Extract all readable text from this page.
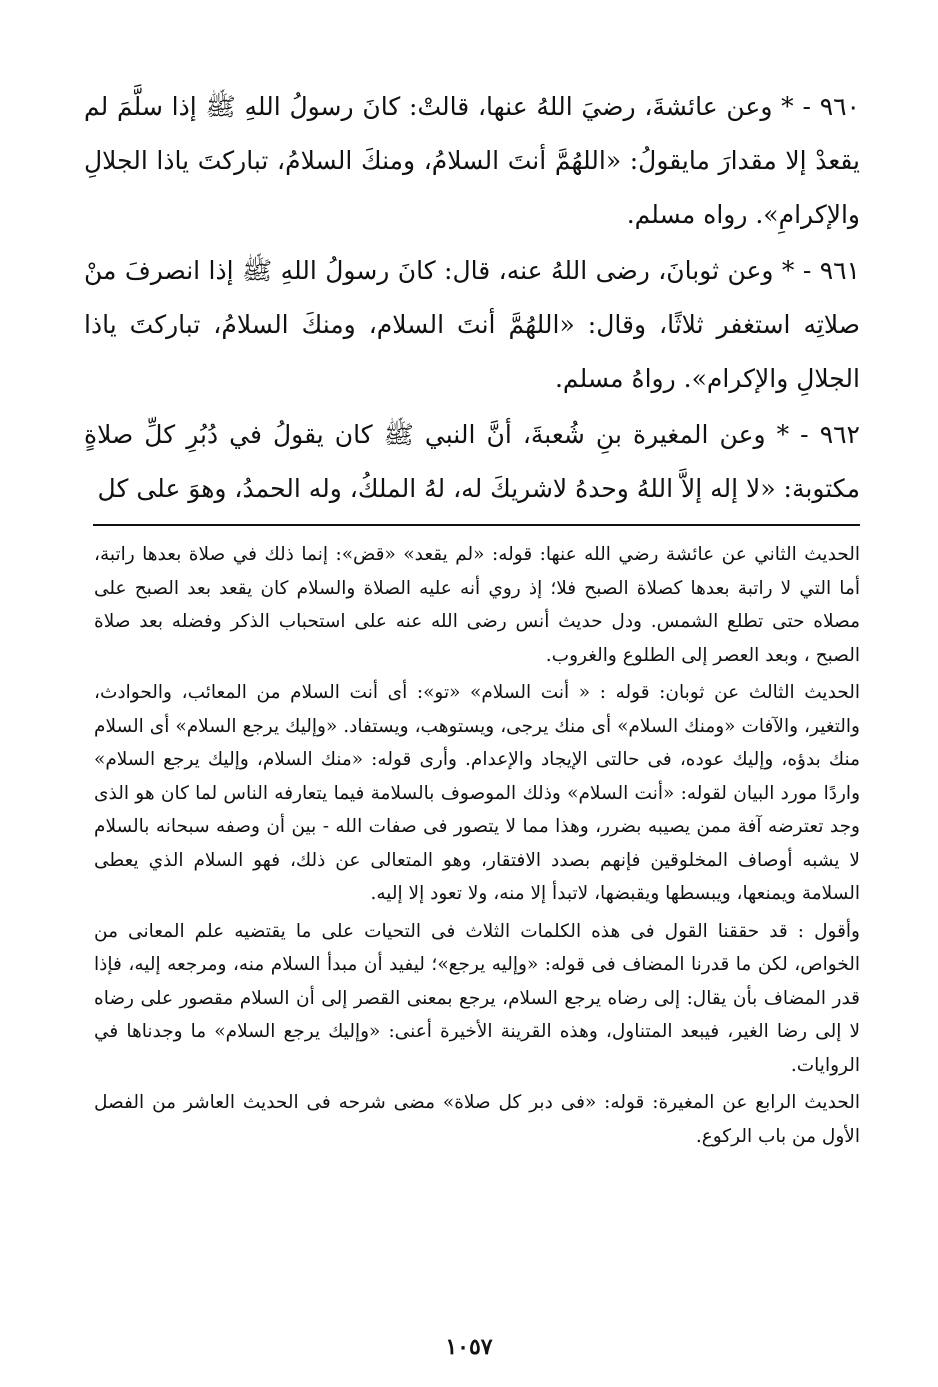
٩٦٠ - * وعن عائشةَ، رضيَ اللهُ عنها، قالتْ: كانَ رسولُ اللهِ ﷺ إذا سلَّمَ لم يقعدْ إلا مقدارَ مايقولُ: «اللهُمَّ أنتَ السلامُ، ومنكَ السلامُ، تباركتَ ياذا الجلالِ والإكرامِ». رواه مسلم.

٩٦١ - * وعن ثوبانَ، رضى اللهُ عنه، قال: كانَ رسولُ اللهِ ﷺ إذا انصرفَ منْ صلاتِه استغفر ثلاثًا، وقال: «اللهُمَّ أنتَ السلام، ومنكَ السلامُ، تباركتَ ياذا الجلالِ والإكرام». رواهُ مسلم.

٩٦٢ - * وعن المغيرة بنِ شُعبةَ، أنَّ النبي ﷺ كان يقولُ في دُبُرِ كلِّ صلاةٍ مكتوبة: «لا إله إلاَّ اللهُ وحدهُ لاشريكَ له، لهُ الملكُ، وله الحمدُ، وهوَ على كل

الحديث الثاني عن عائشة رضي الله عنها: قوله: «لم يقعد» «قض»: إنما ذلك في صلاة بعدها راتبة، أما التي لا راتبة بعدها كصلاة الصبح فلا؛ إذ روي أنه عليه الصلاة والسلام كان يقعد بعد الصبح على مصلاه حتى تطلع الشمس. ودل حديث أنس رضى الله عنه على استحباب الذكر وفضله بعد صلاة الصبح ، وبعد العصر إلى الطلوع والغروب.

الحديث الثالث عن ثوبان: قوله : « أنت السلام» «تو»: أى أنت السلام من المعائب، والحوادث، والتغير، والآفات «ومنك السلام» أى منك يرجى، ويستوهب، ويستفاد. «وإليك يرجع السلام» أى السلام منك بدؤه، وإليك عوده، فى حالتى الإيجاد والإعدام. وأرى قوله: «منك السلام، وإليك يرجع السلام» واردًا مورد البيان لقوله: «أنت السلام» وذلك الموصوف بالسلامة فيما يتعارفه الناس لما كان هو الذى وجد تعترضه آفة ممن يصيبه بضرر، وهذا مما لا يتصور فى صفات الله - بين أن وصفه سبحانه بالسلام لا يشبه أوصاف المخلوقين فإنهم بصدد الافتقار، وهو المتعالى عن ذلك، فهو السلام الذي يعطى السلامة ويمنعها، ويبسطها ويقبضها، لاتبدأ إلا منه، ولا تعود إلا إليه.

وأقول : قد حققنا القول فى هذه الكلمات الثلاث فى التحيات على ما يقتضيه علم المعانى من الخواص، لكن ما قدرنا المضاف فى قوله: «وإليه يرجع»؛ ليفيد أن مبدأ السلام منه، ومرجعه إليه، فإذا قدر المضاف بأن يقال: إلى رضاه يرجع السلام، يرجع بمعنى القصر إلى أن السلام مقصور على رضاه لا إلى رضا الغير، فيبعد المتناول، وهذه القرينة الأخيرة أعنى: «وإليك يرجع السلام» ما وجدناها في الروايات.

الحديث الرابع عن المغيرة: قوله: «فى دبر كل صلاة» مضى شرحه فى الحديث العاشر من الفصل الأول من باب الركوع.

١٠٥٧
